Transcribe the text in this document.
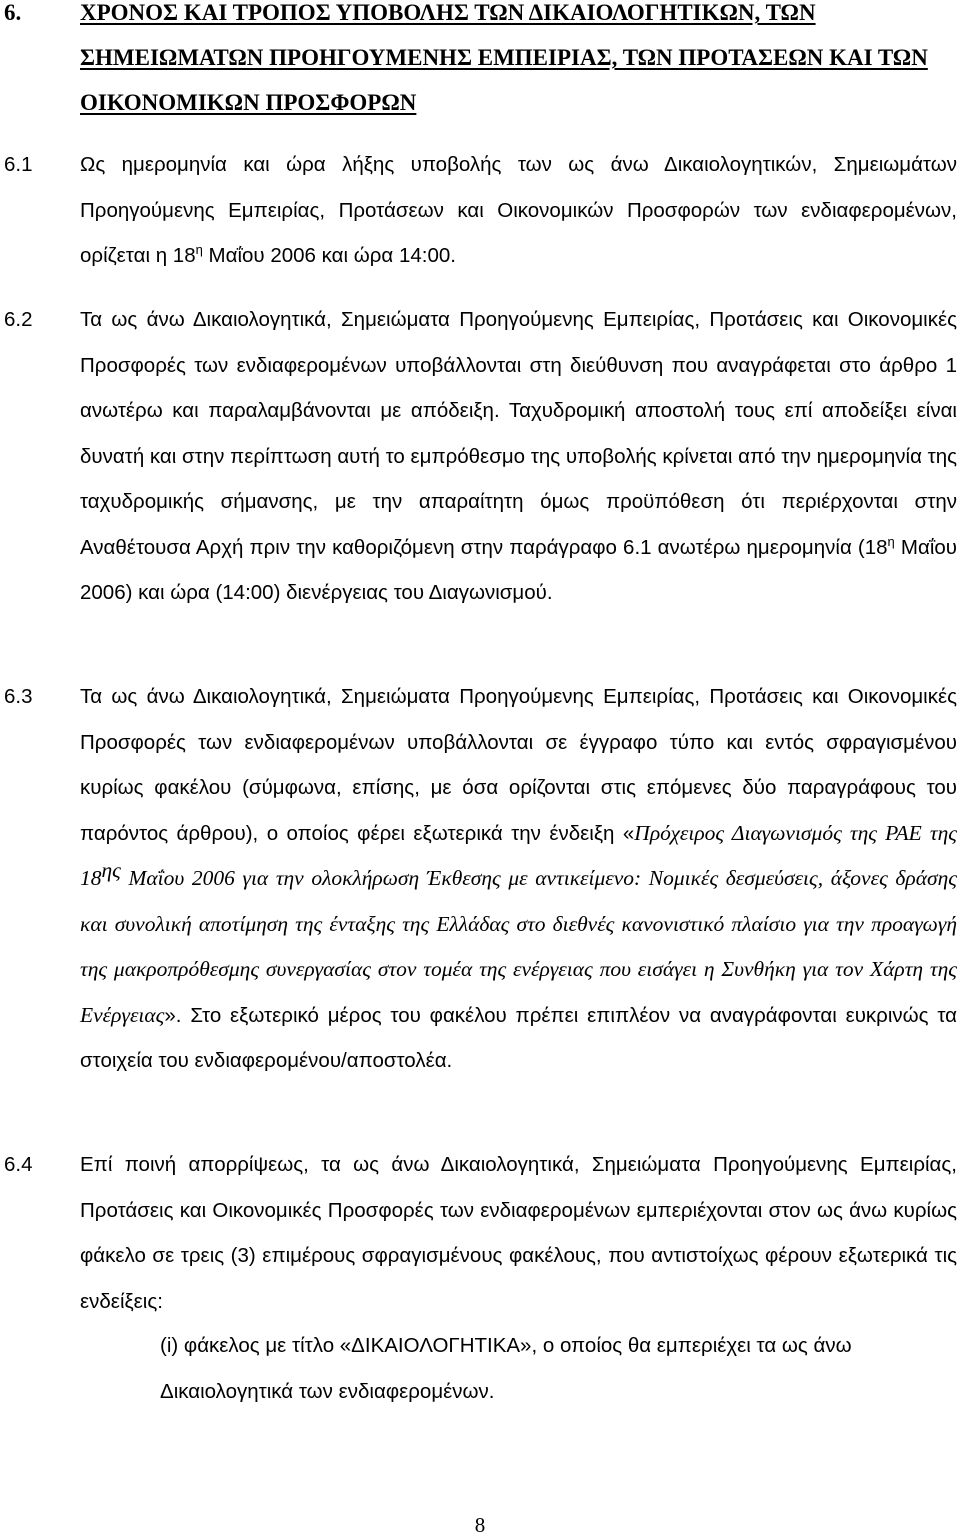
6.	ΧΡΟΝΟΣ ΚΑΙ ΤΡΟΠΟΣ ΥΠΟΒΟΛΗΣ ΤΩΝ ΔΙΚΑΙΟΛΟΓΗΤΙΚΩΝ, ΤΩΝ ΣΗΜΕΙΩΜΑΤΩΝ ΠΡΟΗΓΟΥΜΕΝΗΣ ΕΜΠΕΙΡΙΑΣ, ΤΩΝ ΠΡΟΤΑΣΕΩΝ ΚΑΙ ΤΩΝ ΟΙΚΟΝΟΜΙΚΩΝ ΠΡΟΣΦΟΡΩΝ
6.1 Ως ημερομηνία και ώρα λήξης υποβολής των ως άνω Δικαιολογητικών, Σημειωμάτων Προηγούμενης Εμπειρίας, Προτάσεων και Οικονομικών Προσφορών των ενδιαφερομένων, ορίζεται η $18^\eta$ Μαΐου 2006 και ώρα 14:00.
6.2 Τα ως άνω Δικαιολογητικά, Σημειώματα Προηγούμενης Εμπειρίας, Προτάσεις και Οικονομικές Προσφορές των ενδιαφερομένων υποβάλλονται στη διεύθυνση που αναγράφεται στο άρθρο 1 ανωτέρω και παραλαμβάνονται με απόδειξη. Ταχυδρομική αποστολή τους επί αποδείξει είναι δυνατή και στην περίπτωση αυτή το εμπρόθεσμο της υποβολής κρίνεται από την ημερομηνία της ταχυδρομικής σήμανσης, με την απαραίτητη όμως προϋπόθεση ότι περιέρχονται στην Αναθέτουσα Αρχή πριν την καθοριζόμενη στην παράγραφο 6.1 ανωτέρω ημερομηνία ($18^\eta$ Μαΐου 2006) και ώρα (14:00) διενέργειας του Διαγωνισμού.
6.3 Τα ως άνω Δικαιολογητικά, Σημειώματα Προηγούμενης Εμπειρίας, Προτάσεις και Οικονομικές Προσφορές των ενδιαφερομένων υποβάλλονται σε έγγραφο τύπο και εντός σφραγισμένου κυρίως φακέλου (σύμφωνα, επίσης, με όσα ορίζονται στις επόμενες δύο παραγράφους του παρόντος άρθρου), ο οποίος φέρει εξωτερικά την ένδειξη «Πρόχειρος Διαγωνισμός της ΡΑΕ της $18^{\eta\varsigma}$ Μαΐου 2006 για την ολοκλήρωση Έκθεσης με αντικείμενο: Νομικές δεσμεύσεις, άξονες δράσης και συνολική αποτίμηση της ένταξης της Ελλάδας στο διεθνές κανονιστικό πλαίσιο για την προαγωγή της μακροπρόθεσμης συνεργασίας στον τομέα της ενέργειας που εισάγει η Συνθήκη για τον Χάρτη της Ενέργειας». Στο εξωτερικό μέρος του φακέλου πρέπει επιπλέον να αναγράφονται ευκρινώς τα στοιχεία του ενδιαφερομένου/αποστολέα.
6.4 Επί ποινή απορρίψεως, τα ως άνω Δικαιολογητικά, Σημειώματα Προηγούμενης Εμπειρίας, Προτάσεις και Οικονομικές Προσφορές των ενδιαφερομένων εμπεριέχονται στον ως άνω κυρίως φάκελο σε τρεις (3) επιμέρους σφραγισμένους φακέλους, που αντιστοίχως φέρουν εξωτερικά τις ενδείξεις:
(i) φάκελος με τίτλο «ΔΙΚΑΙΟΛΟΓΗΤΙΚΑ», ο οποίος θα εμπεριέχει τα ως άνω Δικαιολογητικά των ενδιαφερομένων.
8
